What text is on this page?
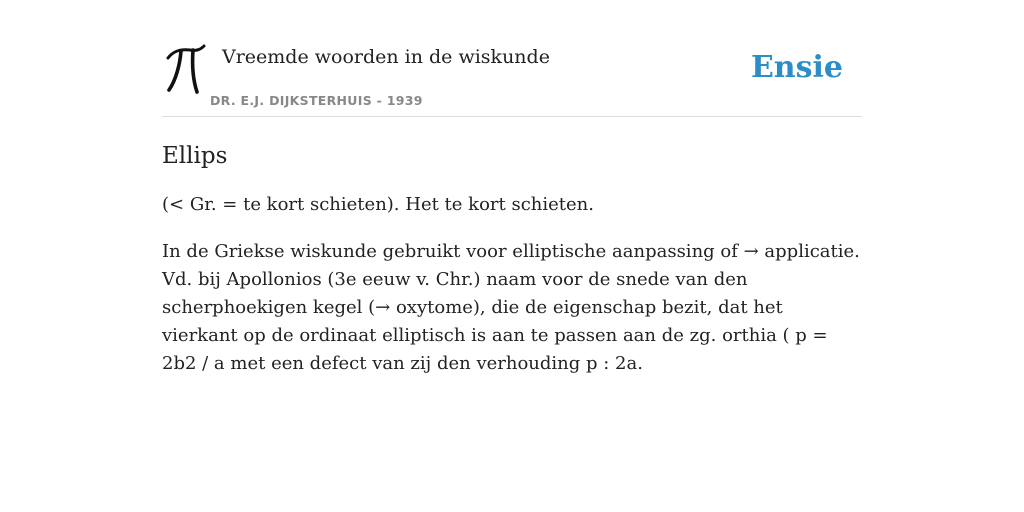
Vreemde woorden in de wiskunde
DR. E.J. DIJKSTERHUIS - 1939
Ensie
Ellips

(< Gr. = te kort schieten). Het te kort schieten.

In de Griekse wiskunde gebruikt voor elliptische aanpassing of → applicatie. Vd. bij Apollonios (3e eeuw v. Chr.) naam voor de snede van den scherphoekigen kegel (→ oxytome), die de eigenschap bezit, dat het vierkant op de ordinaat elliptisch is aan te passen aan de zg. orthia ( p = 2b2 / a met een defect van zij den verhouding p : 2a.
